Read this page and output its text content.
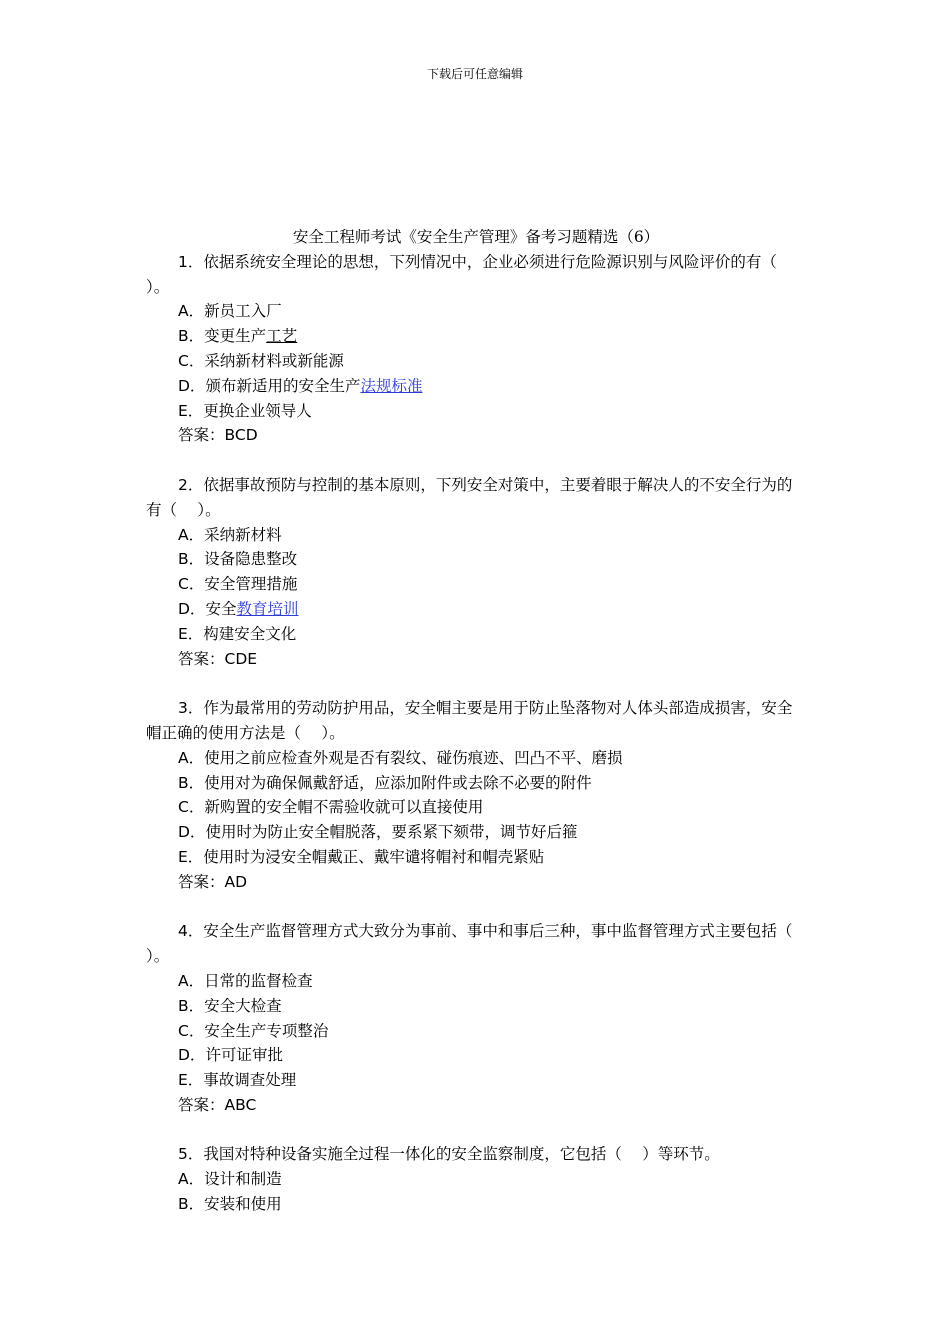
下载后可任意编辑
安全工程师考试《安全生产管理》备考习题精选（6）

1．依据系统安全理论的思想，下列情况中，企业必须进行危险源识别与风险评价的有（　 ）。

A．新员工入厂

B．变更生产工艺

C．采纳新材料或新能源

D．颁布新适用的安全生产法规标准

E．更换企业领导人

答案：BCD

2．依据事故预防与控制的基本原则，下列安全对策中，主要着眼于解决人的不安全行为的有（　 ）。

A．采纳新材料

B．设备隐患整改

C．安全管理措施

D．安全教育培训

E．构建安全文化

答案：CDE

3．作为最常用的劳动防护用品，安全帽主要是用于防止坠落物对人体头部造成损害，安全帽正确的使用方法是（　 ）。

A．使用之前应检查外观是否有裂纹、碰伤痕迹、凹凸不平、磨损

B．使用对为确保佩戴舒适，应添加附件或去除不必要的附件

C．新购置的安全帽不需验收就可以直接使用

D．使用时为防止安全帽脱落，要系紧下颏带，调节好后箍

E．使用时为浸安全帽戴正、戴牢谴将帽衬和帽壳紧贴

答案：AD

4．安全生产监督管理方式大致分为事前、事中和事后三种，事中监督管理方式主要包括（　 ）。

A．日常的监督检查

B．安全大检查

C．安全生产专项整治

D．许可证审批

E．事故调查处理

答案：ABC

5．我国对特种设备实施全过程一体化的安全监察制度，它包括（　 ）等环节。

A．设计和制造

B．安装和使用
